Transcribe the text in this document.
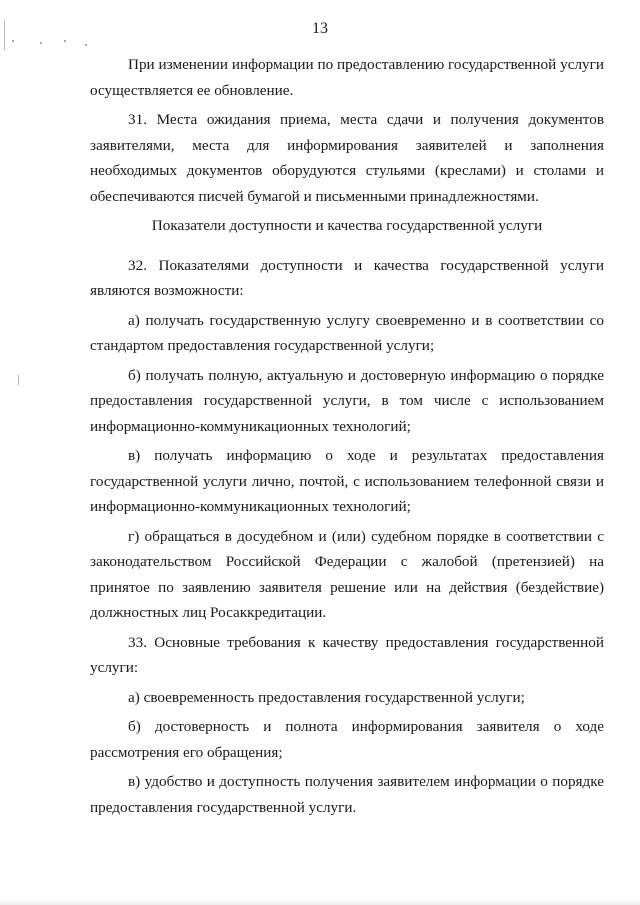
13

При изменении информации по предоставлению государственной услуги осуществляется ее обновление.

31. Места ожидания приема, места сдачи и получения документов заявителями, места для информирования заявителей и заполнения необходимых документов оборудуются стульями (креслами) и столами и обеспечиваются писчей бумагой и письменными принадлежностями.

Показатели доступности и качества государственной услуги

32. Показателями доступности и качества государственной услуги являются возможности:

а) получать государственную услугу своевременно и в соответствии со стандартом предоставления государственной услуги;

б) получать полную, актуальную и достоверную информацию о порядке предоставления государственной услуги, в том числе с использованием информационно-коммуникационных технологий;

в) получать информацию о ходе и результатах предоставления государственной услуги лично, почтой, с использованием телефонной связи и информационно-коммуникационных технологий;

г) обращаться в досудебном и (или) судебном порядке в соответствии с законодательством Российской Федерации с жалобой (претензией) на принятое по заявлению заявителя решение или на действия (бездействие) должностных лиц Росаккредитации.

33. Основные требования к качеству предоставления государственной услуги:

а) своевременность предоставления государственной услуги;

б) достоверность и полнота информирования заявителя о ходе рассмотрения его обращения;

в) удобство и доступность получения заявителем информации о порядке предоставления государственной услуги.
